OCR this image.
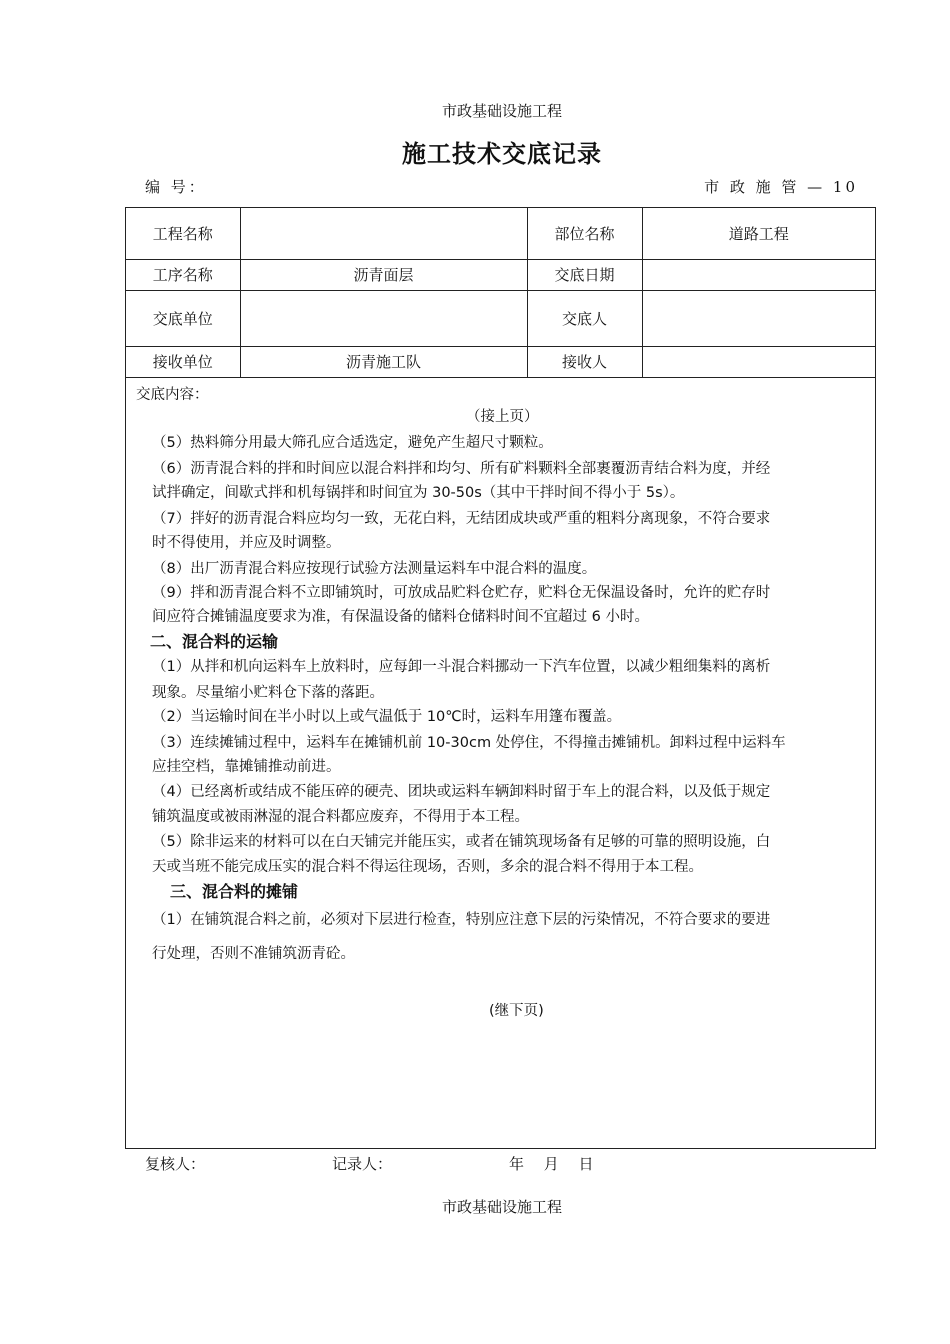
市政基础设施工程
施工技术交底记录
编 号：	市 政 施 管 — 10
工程名称		部位名称	道路工程
工序名称	沥青面层	交底日期	
交底单位		交底人	
接收单位	沥青施工队	接收人	
交底内容：
（接上页）
（5）热料筛分用最大筛孔应合适选定，避免产生超尺寸颗粒。
（6）沥青混合料的拌和时间应以混合料拌和均匀、所有矿料颗料全部裹覆沥青结合料为度，并经
试拌确定，间歇式拌和机每锅拌和时间宜为 30-50s（其中干拌时间不得小于 5s）。
（7）拌好的沥青混合料应均匀一致，无花白料，无结团成块或严重的粗料分离现象，不符合要求
时不得使用，并应及时调整。
（8）出厂沥青混合料应按现行试验方法测量运料车中混合料的温度。
（9）拌和沥青混合料不立即铺筑时，可放成品贮料仓贮存，贮料仓无保温设备时，允许的贮存时
间应符合摊铺温度要求为准，有保温设备的储料仓储料时间不宜超过 6 小时。
二、混合料的运输
（1）从拌和机向运料车上放料时，应每卸一斗混合料挪动一下汽车位置，以减少粗细集料的离析
现象。尽量缩小贮料仓下落的落距。
（2）当运输时间在半小时以上或气温低于 10℃时，运料车用篷布覆盖。
（3）连续摊铺过程中，运料车在摊铺机前 10-30cm 处停住，不得撞击摊铺机。卸料过程中运料车
应挂空档，靠摊铺推动前进。
（4）已经离析或结成不能压碎的硬壳、团块或运料车辆卸料时留于车上的混合料，以及低于规定
铺筑温度或被雨淋湿的混合料都应废弃，不得用于本工程。
（5）除非运来的材料可以在白天铺完并能压实，或者在铺筑现场备有足够的可靠的照明设施，白
天或当班不能完成压实的混合料不得运往现场，否则，多余的混合料不得用于本工程。
三、混合料的摊铺
（1）在铺筑混合料之前，必须对下层进行检查，特别应注意下层的污染情况，不符合要求的要进
行处理，否则不准铺筑沥青砼。
(继下页)
复核人：	记录人：	年　 月　 日
市政基础设施工程
